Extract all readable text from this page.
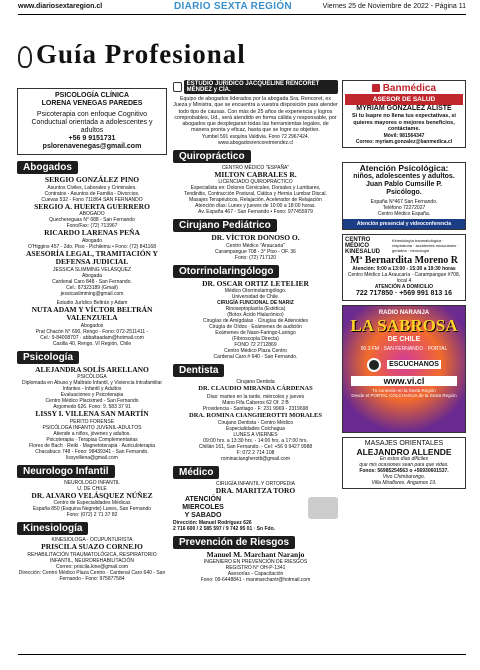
www.diariosextaregion.cl	DIARIO SEXTA REGIÓN	Viernes 25 de Noviembre de 2022 - Página 11
Guía Profesional
PSICOLOGÍA CLÍNICA
LORENA VENEGAS PAREDES
Psicoterapia con enfoque Cognitivo Conductual orientada a adolescentes y adultos
+56 9 9151731
pslorenavenegas@gmail.com
Abogados
SERGIO GONZÁLEZ PINO
Asuntos Civiles, Laborales y Criminales.
Contratos - Asuntos de Familia - Divorcios.
Cuevas 532 - Fono 711864 SAN FERNANDO
SERGIO A. HUERTA GUERRERO
ABOGADO
Quechereguas N° 688 - San Fernando
Fono/Fax: (72) 713967
RICARDO LARENAS PEÑA
Abogado
O'Higgins 457 - 2do. Piso - Pichilemu • Fono: (72) 841168
ASESORÍA LEGAL, TRAMITACIÓN Y DEFENSA JUDICIAL
JESSICA SLIMMING VELÁSQUEZ
Abogada
Cardenal Caro 848 - San Fernando.
Cel.: 87323189 (Gmail)
jessicaslimming@gmail.com
Estudio Jurídico Beltrán y Adam
NUTA ADAM Y VÍCTOR BELTRÁN VALENZUELA
Abogados
Prat Chacón N° 690, Rengo - Fono: 072-2511411 -
Cel.: 9-84008707 · abbaltaadam@hotmail.com
Casilla 40, Rengo. VI Región, Chile
Psicología
ALEJANDRA SOLÍS ARELLANO
PSICÓLOGA
Diplomada en Abuso y Maltrato Infantil, y Violencia Intrafamiliar
Infantes - Infantil y Adultos
Evaluaciones y Psicoterapia
Centro Médico Placismed - San Fernando
Argomedo 626. Fono: 9. 583 37 91
LISSY I. VILLENA SAN MARTÍN
PERITO FORENSE
PSICÓLOGA INFANTO JUVENIL-ADULTOS
Atiende a niños, jóvenes y adultos.
Psicoterapia · Terapias Complementarias
Flores de Bach · Reiki · Magnetoterapia · Auriculoterapia
Chacabuco 748 - Fono: 98439341 - San Fernando.
lissyvillena@gmail.com
Neurologo Infantil
NEUROLOGO INFANTIL
U. DE CHILE
DR. ALVARO VELÁSQUEZ NÚÑEZ
Centro de Especialidades Médicas
España 850 (Esquina Negrete) Lunes, San Fernando
Fono: (072) 2 71 37 82
Kinesiología
KINESIOLOGA - OCUPUNTURISTA
PRISCILA SUAZO CORNEJO
REHABILITACIÓN TRAUMATOLÓGICA, RESPIRATORIO INFANTIL, NEUROREHABILITACIÓN
Correo: priscila.kine@gmail.com
Dirección: Centro Médico Plaza Centro · Cardenal Caro 640 - San Fernando - Fono: 975877584
ESTUDIO JURÍDICO JACQUELINE RENCORET MÉNDEZ y CÍA.
Equipo de abogados liderados por la abogada Sra. Rencoret, ex Jueza y Ministra, que se encuentra a vuestra disposición para atender todo tipo de causas. Con más de 25 años de experiencia y logros comprobables, Ud., será atendido en forma cálida y responsable, por abogados que desplegaran todas las herramientas legales, de manera pronta y eficaz, hasta que se logre su objetivo.
Yumbel 591 esquina Valdivia. Fono 72 2967424.
www.abogadosrencoretmendez.cl
Quiropráctico
CENTRO MÉDICO "ESPAÑA"
MILTON CABRALES R.
LICENCIADO QUIROPRÁCTICO
Especialista en: Dolores Cervicales, Dorsales y Lumbares,
Tendinitis, Contracción Postural, Ciática y Hernia Lumbar Discal.
Masajes Terapéuticos, Relajación, Acelerador de Relajación
Atención días: Lunes y jueves de 10:00 a 18:00 horas.
Av. España 467 - San Fernando • Fono: 977455979
Cirujano Pediátrico
DR. VÍCTOR DONOSO O.
Centro Médico "Araucaria"
Carampangue 708 - 3° Piso - OF. 36
Fono: (72) 717120
Otorrinolaringólogo
DR. OSCAR ORTIZ LETELIER
Médico Otorrinolaringólogo.
Universidad de Chile.
CIRUGÍA FUNCIONAL DE NARIZ
Rinoseptoplastía (Estética)
(Botox Ácido Hialurónico)
Cirugías de Amígdalas · Cirugías de Adenoides
Cirugía de Oídos · Exámenes de audición
Exámenes de Naso-Faringo-Laringo
(Fibroscopía Directa)
FONO 72 2712869
Centro Médico Plaza Centro
Cardenal Caro # 640 - San Fernando.
Dentista
Cirujano Dentista
DR. CLAUDIO MIRANDA CÁRDENAS
Días: martes en la tarde, miércoles y jueves
Mano Fifa Caberos 62 Of. 2 B
Providencia - Santiago · F: 231 9969 - 2319698
DRA. ROMINA CIANGHEROTTI MORALES
Cirujano Dentista - Centro Médico
Especialidades Colchagua
LUNES A VIERNES
09:00 hrs. a 13:30 hrs. - 14:00 hrs. a 17:00 hrs.
Chillán 161, San Fernando. - Cel: +56 9 9427 9988
F: 072 2 714 108
rominaciangherotti@gmail.com
Médico
CIRUGÍA INFANTIL Y ORTOPEDIA
DRA. MARITZA TORO
ATENCIÓN
MIERCOLES
Y SABADO
Dirección: Manuel Rodríguez 626
2 716 600 / 2 585 597 / 9 742 95 01 · Sn Fdo.
Prevención de Riesgos
Manuel M. Marchant Naranjo
INGENIERO EN PREVENCIÓN DE RIESGOS
REGISTRO N° OH-P-1341
Asesorías - Capacitación
Fono: 09-6448841 - manmarchantr@hotmail.com
Banmédica
ASESOR DE SALUD
MYRIAM GONZALEZ ALISTE
Si tu Isapre no llena tus expectativas, si quieres mayores o mejores beneficios, contáctame.
Móvil: 981564347
Correo: myriam.gonzalez@banmedica.cl
Atención Psicológica:
niños, adolescentes y adultos.
Juan Pablo Cumsille P.
Psicólogo.
España N°467 San Fernando.
Teléfono 72272027
Centro Médico España.
Atención presencial y videoconferencia
CENTRO MÉDICO KINESALUD
Kinesiología traumatológica · respiratoria · accidentes musculares · geriatría · neurología
Mª Bernardita Moreno R
Atención: 9:00 a 13:00 - 15:30 a 19:30 horas
Centro Médico La Araucaría · Carampangue #708, local 4
ATENCIÓN A DOMICILIO
722 717850 · +569 991 813 16
RADIO NARANJA
LA SABROSA
DE CHILE
90.3 FM · SAN FERNANDO · PORTAL
ESCUCHANOS
www.vi.cl
Tu conexión en la Sexta Región
Desde el PORTAL COLCHAGUA de la Sexta Región
MASAJES ORIENTALES
ALEJANDRO ALLENDE
En estos días difíciles
que mis ocasiones sean para que vidas.
Fonos: 56985254563 o +56930601537.
Vivo Chimbarongo.
Villa Miraflores. Angamos 19.
